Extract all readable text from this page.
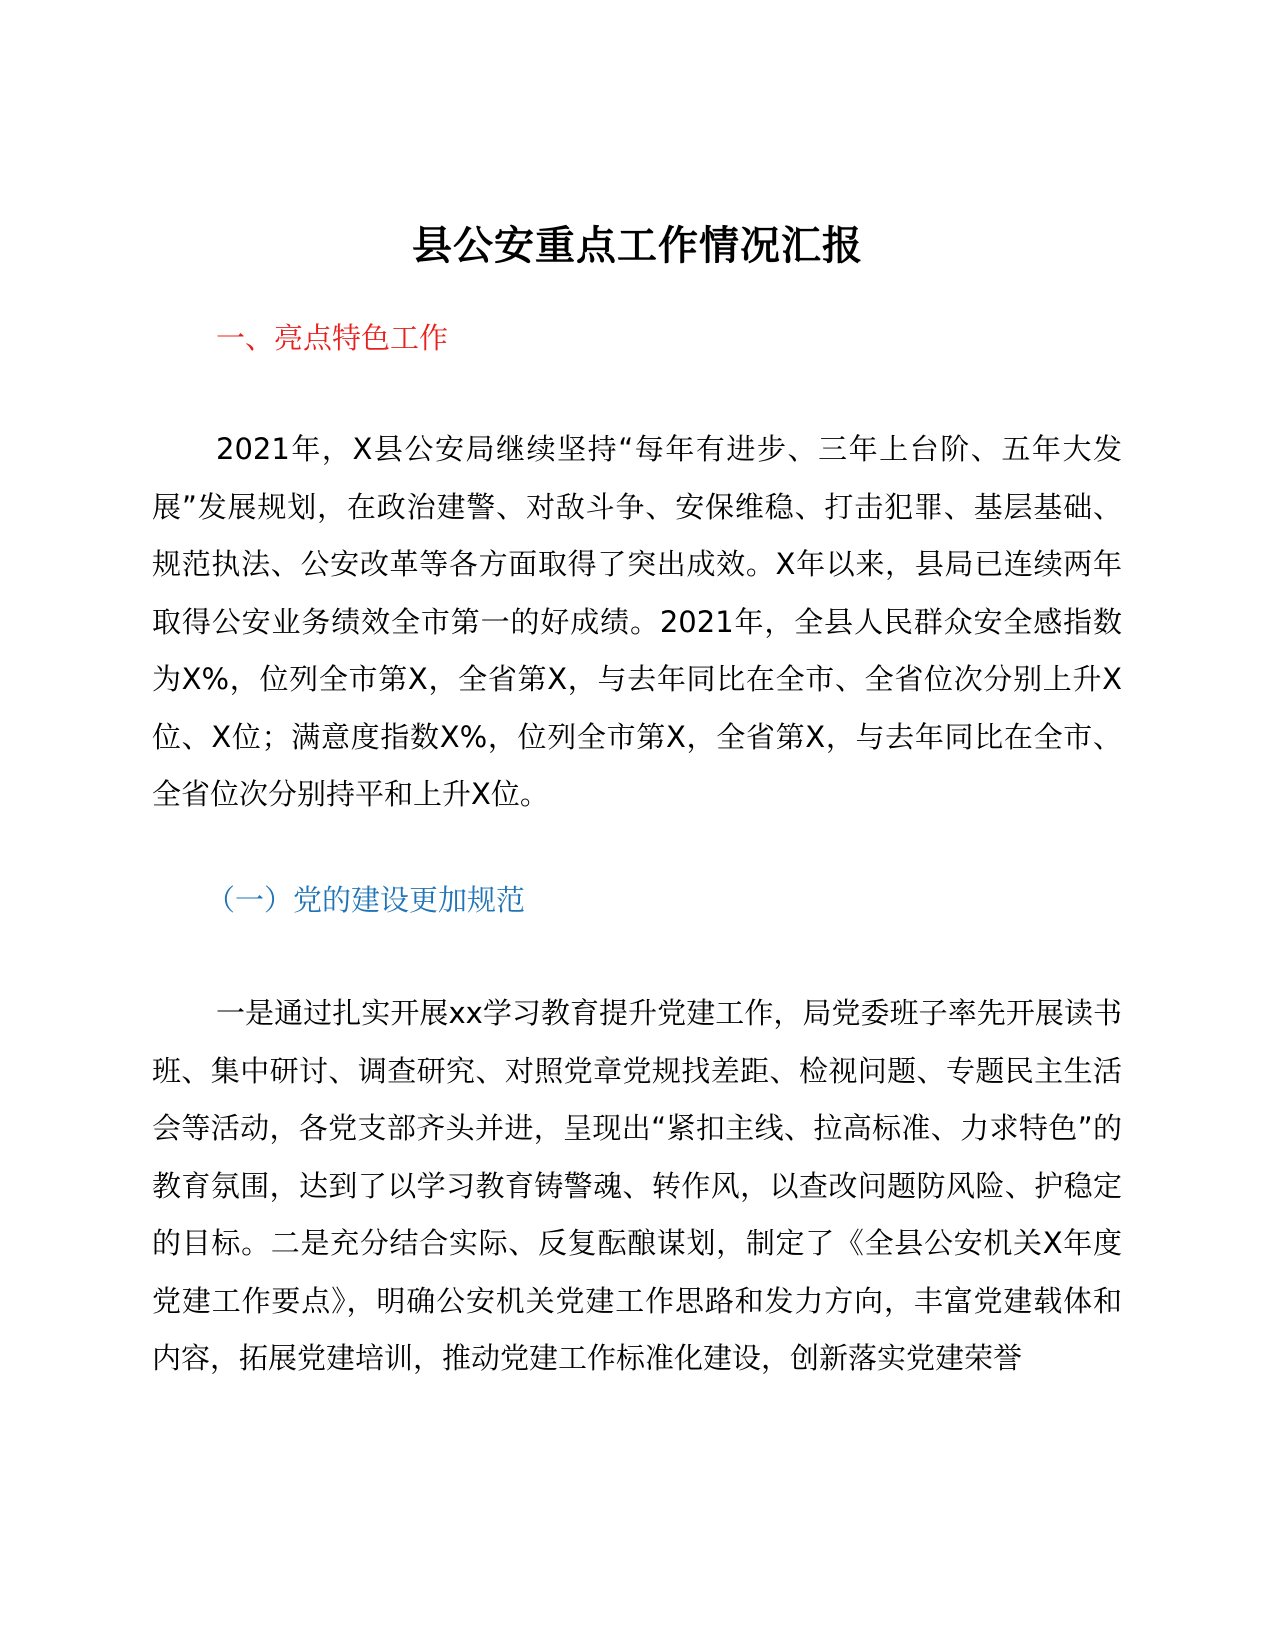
县公安重点工作情况汇报
一、亮点特色工作

2021年，X县公安局继续坚持“每年有进步、三年上台阶、五年大发展”发展规划，在政治建警、对敌斗争、安保维稳、打击犯罪、基层基础、规范执法、公安改革等各方面取得了突出成效。X年以来，县局已连续两年取得公安业务绩效全市第一的好成绩。2021年，全县人民群众安全感指数为X%，位列全市第X，全省第X，与去年同比在全市、全省位次分别上升X位、X位；满意度指数X%，位列全市第X，全省第X，与去年同比在全市、全省位次分别持平和上升X位。

（一）党的建设更加规范

一是通过扎实开展xx学习教育提升党建工作，局党委班子率先开展读书班、集中研讨、调查研究、对照党章党规找差距、检视问题、专题民主生活会等活动，各党支部齐头并进，呈现出“紧扣主线、拉高标准、力求特色”的教育氛围，达到了以学习教育铸警魂、转作风，以查改问题防风险、护稳定的目标。二是充分结合实际、反复酝酿谋划，制定了《全县公安机关X年度党建工作要点》，明确公安机关党建工作思路和发力方向，丰富党建载体和内容，拓展党建培训，推动党建工作标准化建设，创新落实党建荣誉
